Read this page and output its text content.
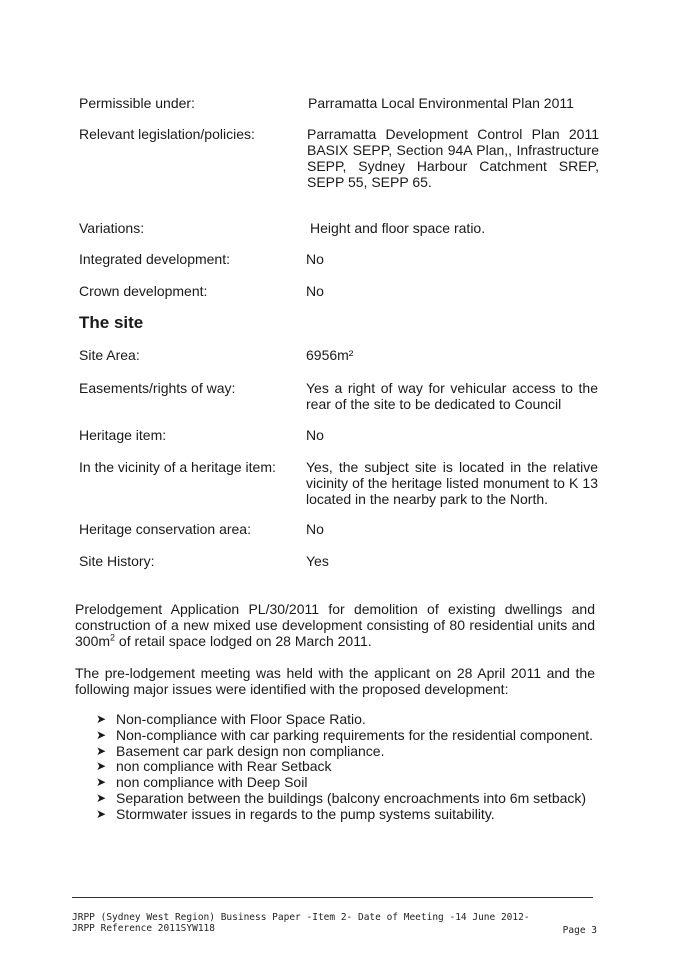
Permissible under:	Parramatta Local Environmental Plan 2011
Relevant legislation/policies:	Parramatta Development Control Plan 2011 BASIX SEPP, Section 94A Plan,, Infrastructure SEPP, Sydney Harbour Catchment SREP, SEPP 55, SEPP 65.
Variations:	Height and floor space ratio.
Integrated development:	No
Crown development:	No
The site
Site Area:	6956m²
Easements/rights of way:	Yes a right of way for vehicular access to the rear of the site to be dedicated to Council
Heritage item:	No
In the vicinity of a heritage item:	Yes, the subject site is located in the relative vicinity of the heritage listed monument to K 13 located in the nearby park to the North.
Heritage conservation area:	No
Site History:	Yes
Prelodgement Application PL/30/2011 for demolition of existing dwellings and construction of a new mixed use development consisting of 80 residential units and $300m^2$ of retail space lodged on 28 March 2011.
The pre-lodgement meeting was held with the applicant on 28 April 2011 and the following major issues were identified with the proposed development:
➤ Non-compliance with Floor Space Ratio.
➤ Non-compliance with car parking requirements for the residential component.
➤ Basement car park design non compliance.
➤ non compliance with Rear Setback
➤ non compliance with Deep Soil
➤ Separation between the buildings (balcony encroachments into 6m setback)
➤ Stormwater issues in regards to the pump systems suitability.
JRPP (Sydney West Region) Business Paper -Item 2- Date of Meeting -14 June 2012-
JRPP Reference 2011SYW118	Page 3
